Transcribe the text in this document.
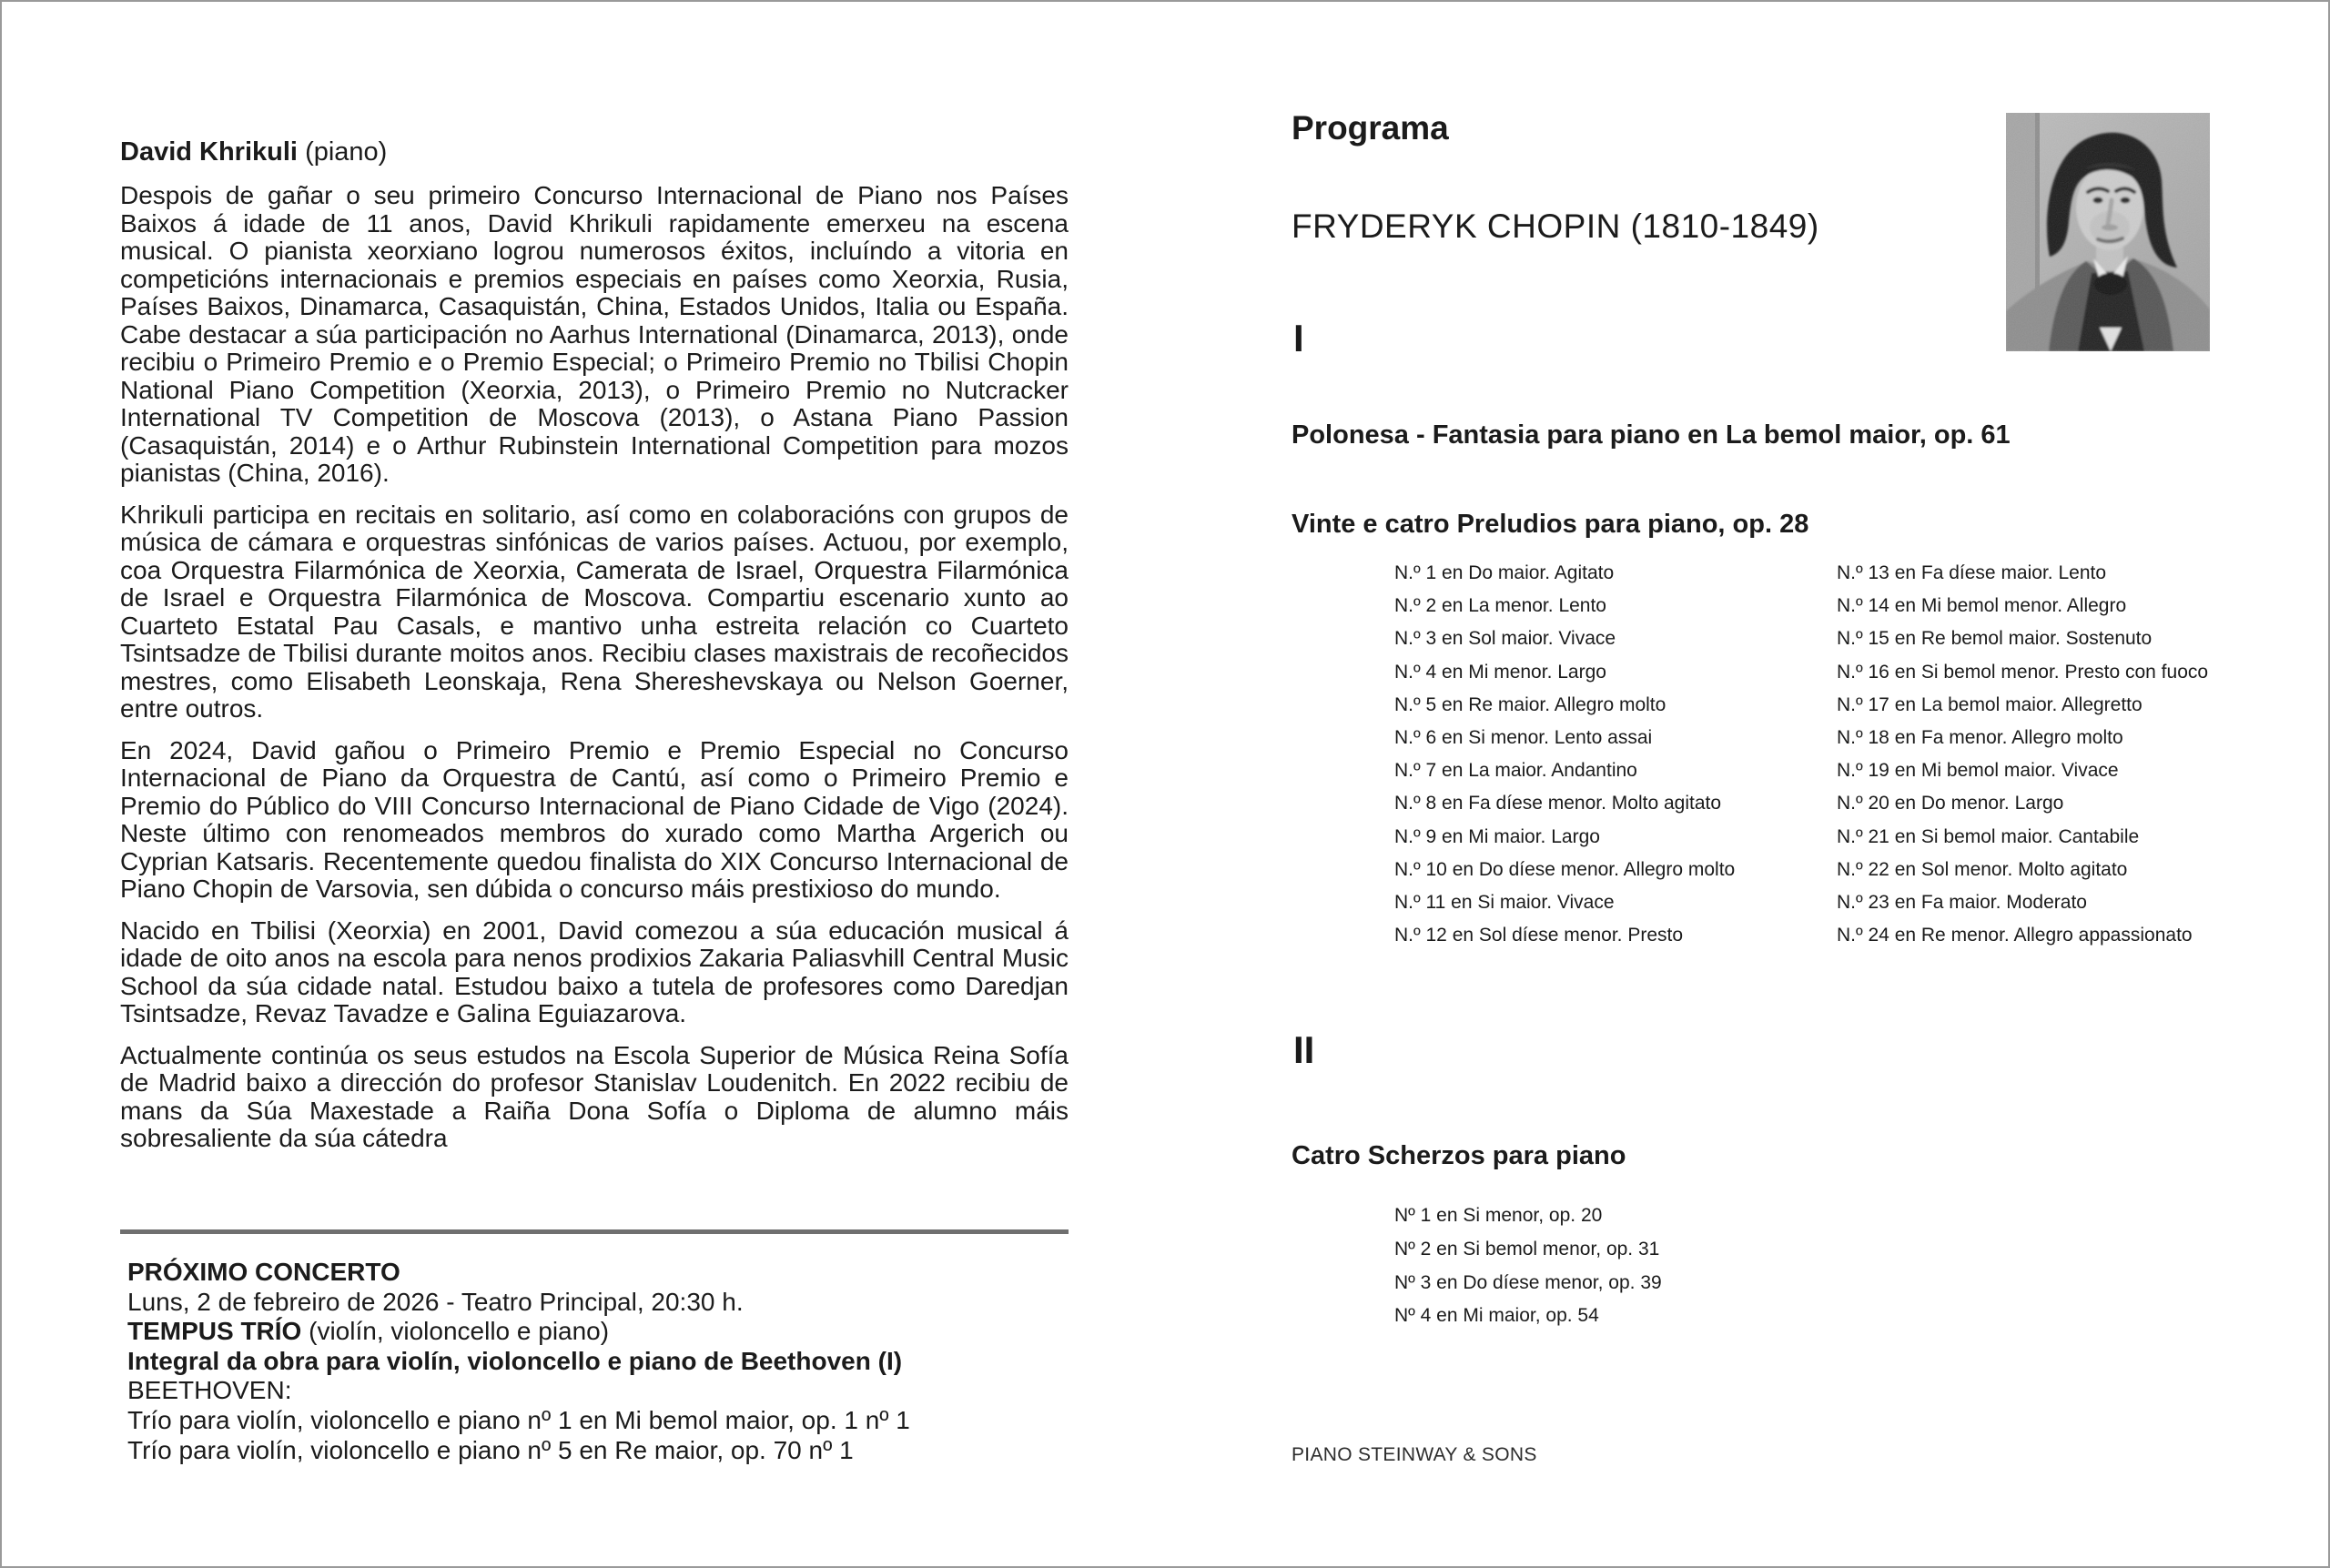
David Khrikuli (piano)

Despois de gañar o seu primeiro Concurso Internacional de Piano nos Países Baixos á idade de 11 anos, David Khrikuli rapidamente emerxeu na escena musical. O pianista xeorxiano logrou numerosos éxitos, incluíndo a vitoria en competicións internacionais e premios especiais en países como Xeorxia, Rusia, Países Baixos, Dinamarca, Casaquistán, China, Estados Unidos, Italia ou España. Cabe destacar a súa participación no Aarhus International (Dinamarca, 2013), onde recibiu o Primeiro Premio e o Premio Especial; o Primeiro Premio no Tbilisi Chopin National Piano Competition (Xeorxia, 2013), o Primeiro Premio no Nutcracker International TV Competition de Moscova (2013), o Astana Piano Passion (Casaquistán, 2014) e o Arthur Rubinstein International Competition para mozos pianistas (China, 2016).

Khrikuli participa en recitais en solitario, así como en colaboracións con grupos de música de cámara e orquestras sinfónicas de varios países. Actuou, por exemplo, coa Orquestra Filarmónica de Xeorxia, Camerata de Israel, Orquestra Filarmónica de Israel e Orquestra Filarmónica de Moscova. Compartiu escenario xunto ao Cuarteto Estatal Pau Casals, e mantivo unha estreita relación co Cuarteto Tsintsadze de Tbilisi durante moitos anos. Recibiu clases maxistrais de recoñecidos mestres, como Elisabeth Leonskaja, Rena Shereshevskaya ou Nelson Goerner, entre outros.

En 2024, David gañou o Primeiro Premio e Premio Especial no Concurso Internacional de Piano da Orquestra de Cantú, así como o Primeiro Premio e Premio do Público do VIII Concurso Internacional de Piano Cidade de Vigo (2024). Neste último con renomeados membros do xurado como Martha Argerich ou Cyprian Katsaris. Recentemente quedou finalista do XIX Concurso Internacional de Piano Chopin de Varsovia, sen dúbida o concurso máis prestixioso do mundo.

Nacido en Tbilisi (Xeorxia) en 2001, David comezou a súa educación musical á idade de oito anos na escola para nenos prodixios Zakaria Paliasvhill Central Music School da súa cidade natal. Estudou baixo a tutela de profesores como Daredjan Tsintsadze, Revaz Tavadze e Galina Eguiazarova.

Actualmente continúa os seus estudos na Escola Superior de Música Reina Sofía de Madrid baixo a dirección do profesor Stanislav Loudenitch. En 2022 recibiu de mans da Súa Maxestade a Raiña Dona Sofía o Diploma de alumno máis sobresaliente da súa cátedra

PRÓXIMO CONCERTO

Luns, 2 de febreiro de 2026 - Teatro Principal, 20:30 h.

TEMPUS TRÍO (violín, violoncello e piano)

Integral da obra para violín, violoncello e piano de Beethoven (I)

BEETHOVEN:

Trío para violín, violoncello e piano nº 1 en Mi bemol maior, op. 1 nº 1

Trío para violín, violoncello e piano nº 5 en Re maior, op. 70 nº 1

Programa
FRYDERYK CHOPIN (1810-1849)

I

Polonesa - Fantasia para piano en La bemol maior, op. 61
Vinte e catro Preludios para piano, op. 28

N.º 1 en Do maior. Agitato

N.º 2 en La menor. Lento

N.º 3 en Sol maior. Vivace

N.º 4 en Mi menor. Largo

N.º 5 en Re maior. Allegro molto

N.º 6 en Si menor. Lento assai

N.º 7 en La maior. Andantino

N.º 8 en Fa díese menor. Molto agitato

N.º 9 en Mi maior. Largo

N.º 10 en Do díese menor. Allegro molto

N.º 11 en Si maior. Vivace

N.º 12 en Sol díese menor. Presto

N.º 13 en Fa díese maior. Lento

N.º 14 en Mi bemol menor. Allegro

N.º 15 en Re bemol maior. Sostenuto

N.º 16 en Si bemol menor. Presto con fuoco

N.º 17 en La bemol maior. Allegretto

N.º 18 en Fa menor. Allegro molto

N.º 19 en Mi bemol maior. Vivace

N.º 20 en Do menor. Largo

N.º 21 en Si bemol maior. Cantabile

N.º 22 en Sol menor. Molto agitato

N.º 23 en Fa maior. Moderato

N.º 24 en Re menor. Allegro appassionato

II

Catro Scherzos para piano

Nº 1 en Si menor, op. 20

Nº 2 en Si bemol menor, op. 31

Nº 3 en Do díese menor, op. 39

Nº 4 en Mi maior, op. 54

PIANO STEINWAY & SONS
